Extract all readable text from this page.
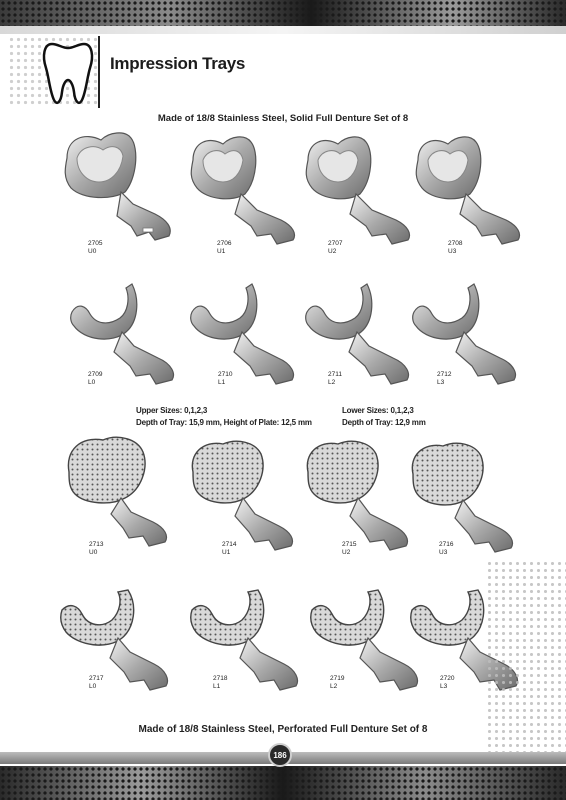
Impression Trays
Made of 18/8 Stainless Steel, Solid Full Denture Set of 8
2705
U0
2706
U1
2707
U2
2708
U3
2709
L0
2710
L1
2711
L2
2712
L3
Upper Sizes: 0,1,2,3
Depth of Tray: 15,9 mm, Height of Plate: 12,5 mm
Lower Sizes: 0,1,2,3
Depth of Tray: 12,9 mm
2713
U0
2714
U1
2715
U2
2716
U3
2717
L0
2718
L1
2719
L2
2720
L3
Made of 18/8 Stainless Steel, Perforated Full Denture Set of 8
186
